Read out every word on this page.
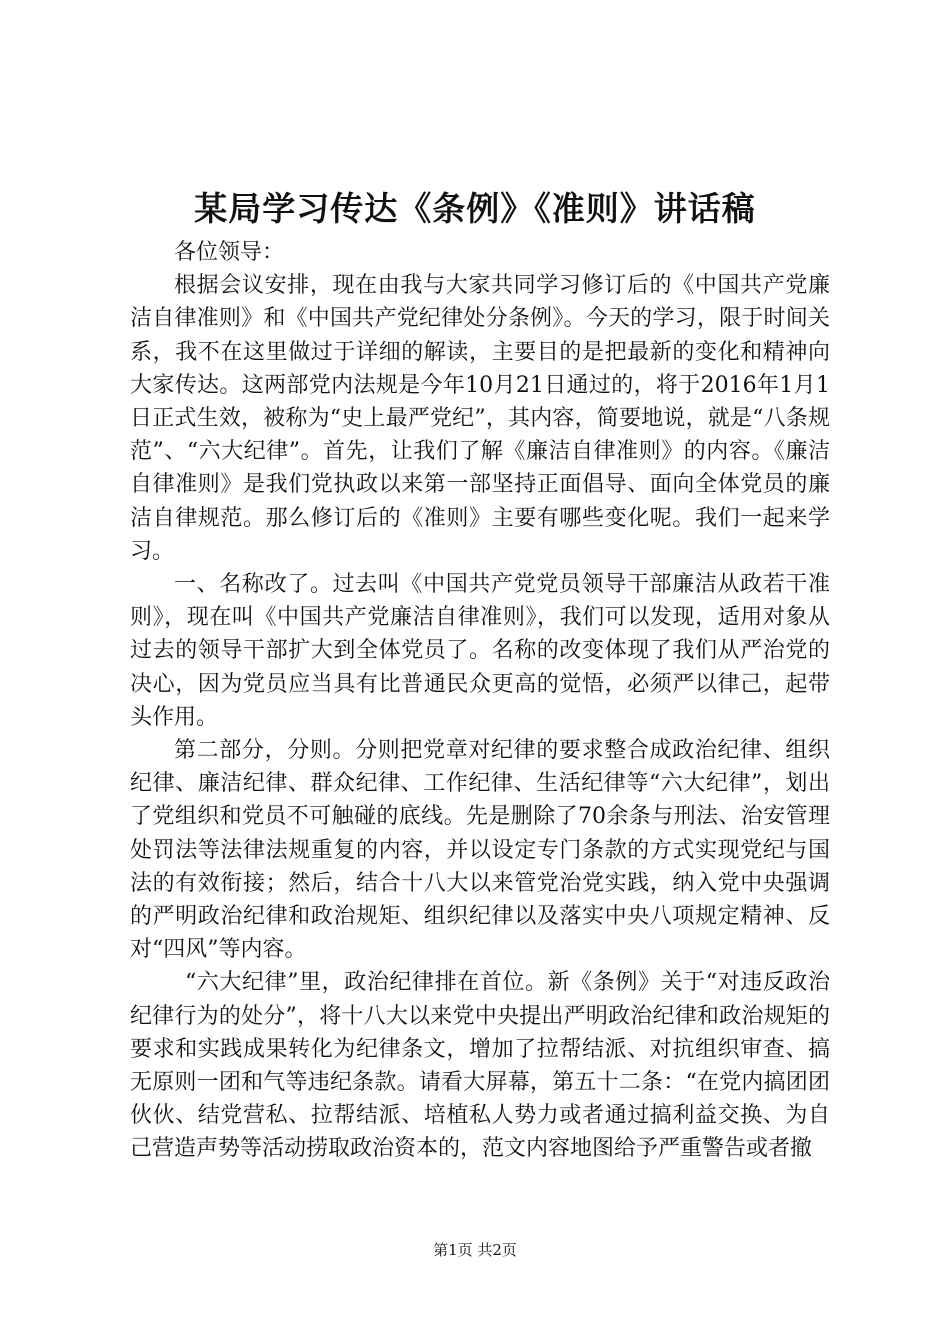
某局学习传达《条例》《准则》讲话稿

各位领导：

根据会议安排，现在由我与大家共同学习修订后的《中国共产党廉洁自律准则》和《中国共产党纪律处分条例》。今天的学习，限于时间关系，我不在这里做过于详细的解读，主要目的是把最新的变化和精神向大家传达。这两部党内法规是今年10月21日通过的，将于2016年1月1日正式生效，被称为“史上最严党纪”，其内容，简要地说，就是“八条规范”、“六大纪律”。首先，让我们了解《廉洁自律准则》的内容。《廉洁自律准则》是我们党执政以来第一部坚持正面倡导、面向全体党员的廉洁自律规范。那么修订后的《准则》主要有哪些变化呢。我们一起来学习。

一、名称改了。过去叫《中国共产党党员领导干部廉洁从政若干准则》，现在叫《中国共产党廉洁自律准则》，我们可以发现，适用对象从过去的领导干部扩大到全体党员了。名称的改变体现了我们从严治党的决心，因为党员应当具有比普通民众更高的觉悟，必须严以律己，起带头作用。

第二部分，分则。分则把党章对纪律的要求整合成政治纪律、组织纪律、廉洁纪律、群众纪律、工作纪律、生活纪律等“六大纪律”，划出了党组织和党员不可触碰的底线。先是删除了70余条与刑法、治安管理处罚法等法律法规重复的内容，并以设定专门条款的方式实现党纪与国法的有效衔接；然后，结合十八大以来管党治党实践，纳入党中央强调的严明政治纪律和政治规矩、组织纪律以及落实中央八项规定精神、反对“四风”等内容。

“六大纪律”里，政治纪律排在首位。新《条例》关于“对违反政治纪律行为的处分”，将十八大以来党中央提出严明政治纪律和政治规矩的要求和实践成果转化为纪律条文，增加了拉帮结派、对抗组织审查、搞无原则一团和气等违纪条款。请看大屏幕，第五十二条：“在党内搞团团伙伙、结党营私、拉帮结派、培植私人势力或者通过搞利益交换、为自己营造声势等活动捞取政治资本的，范文内容地图给予严重警告或者撤

第1页 共2页
